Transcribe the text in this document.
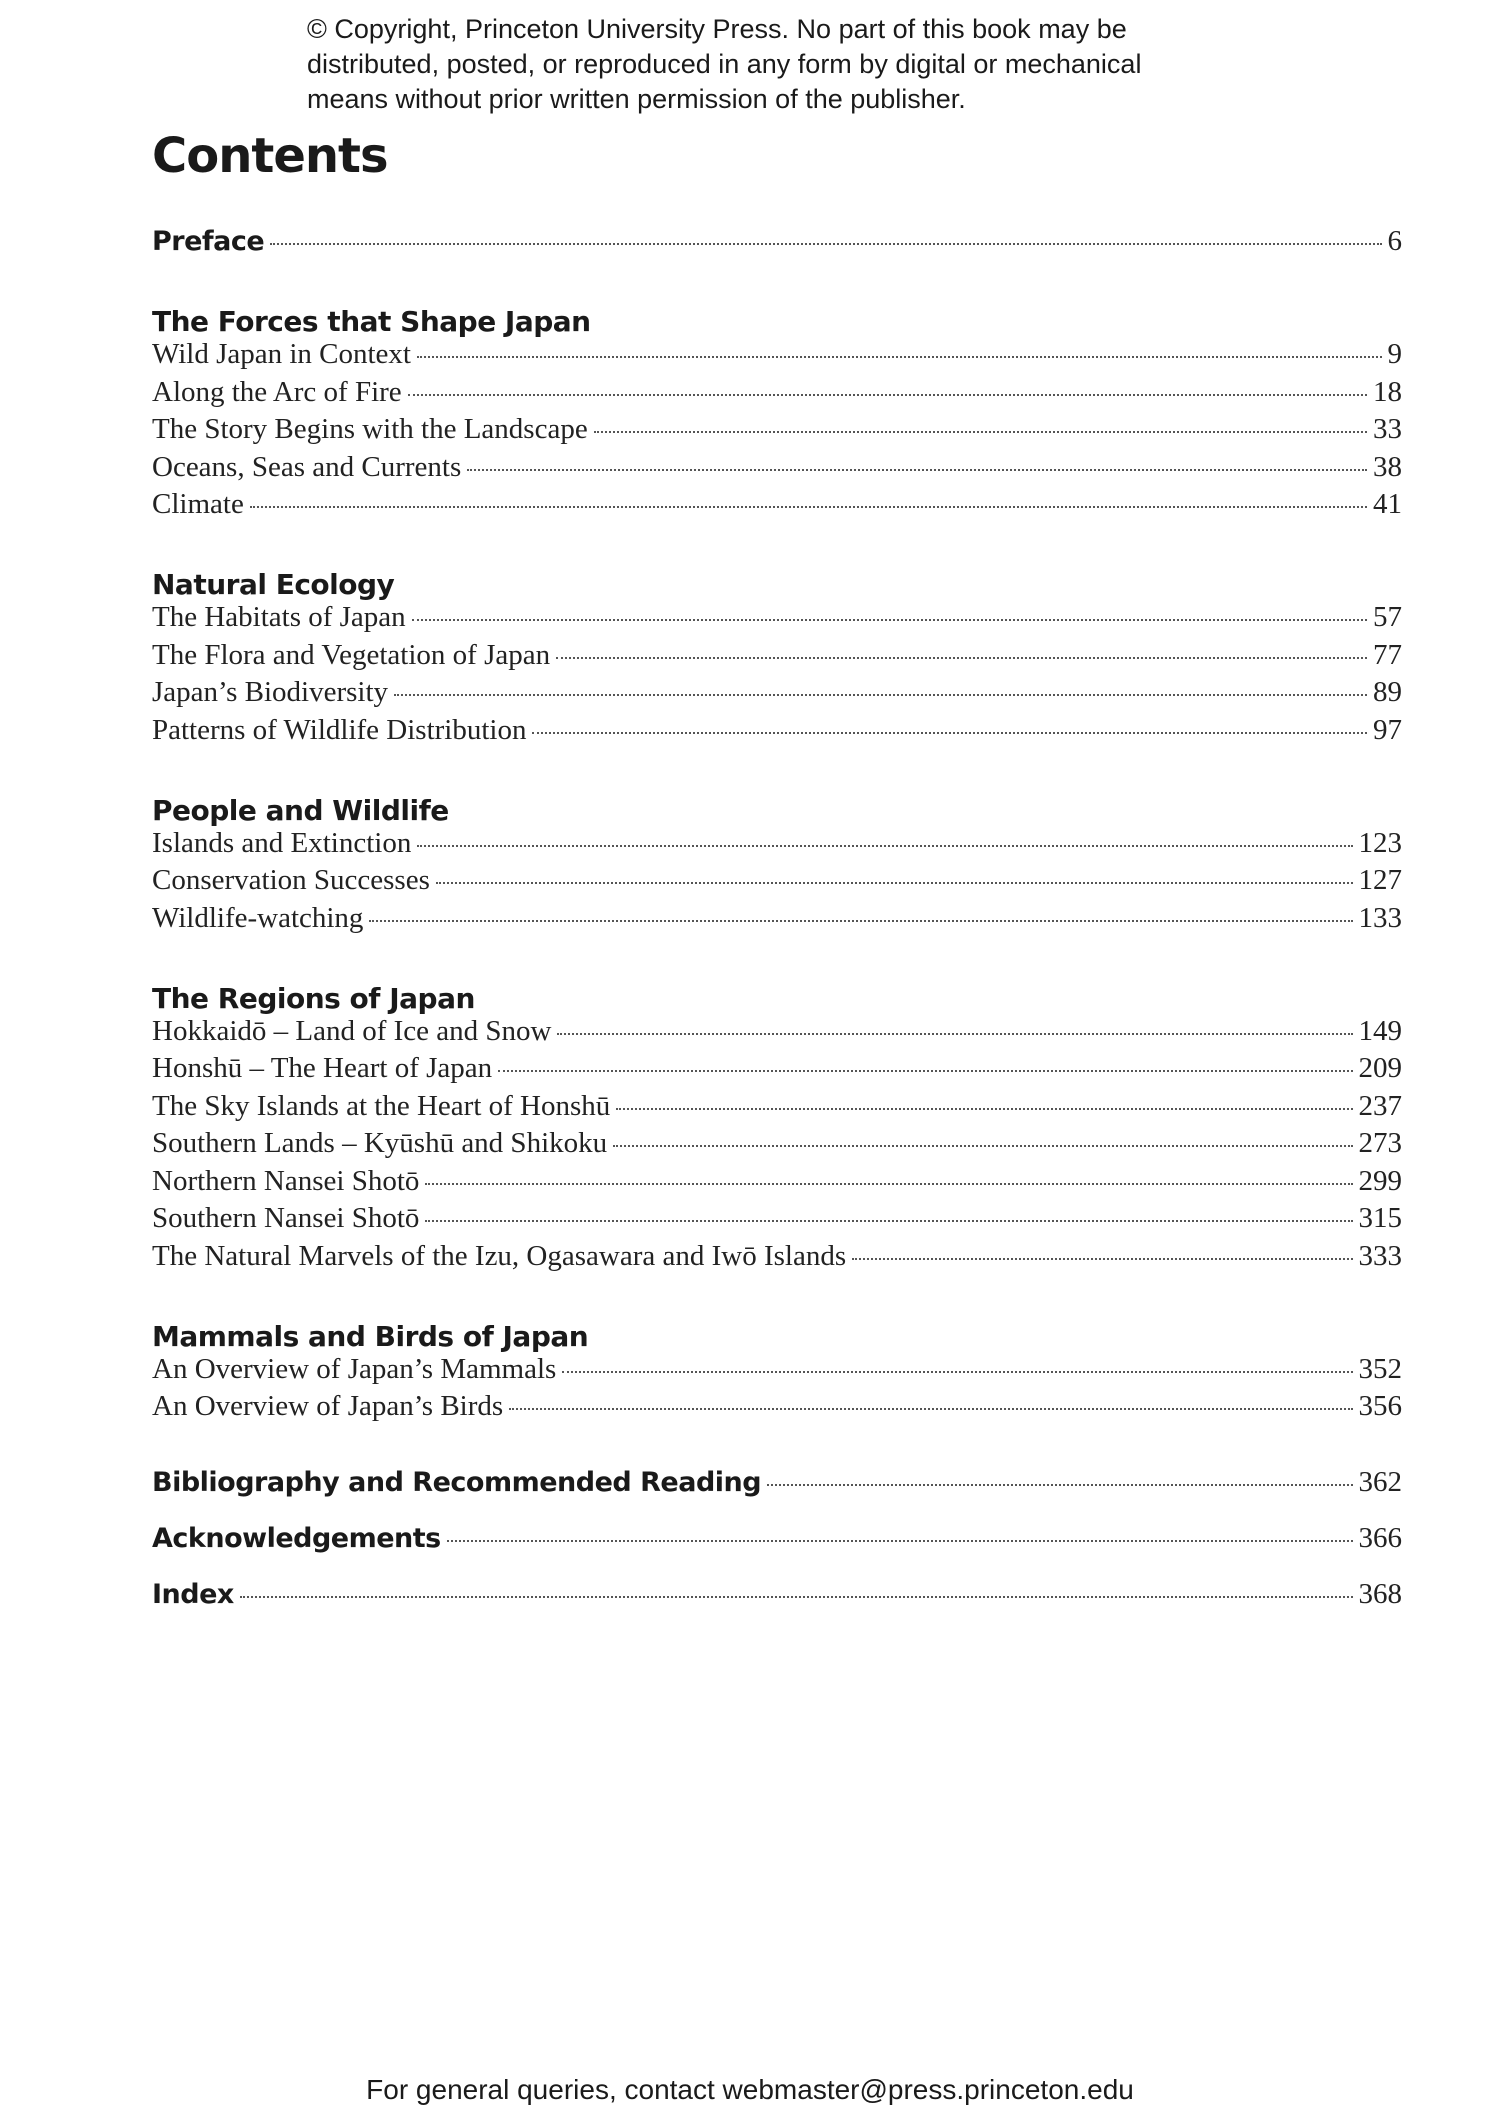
© Copyright, Princeton University Press. No part of this book may be
distributed, posted, or reproduced in any form by digital or mechanical
means without prior written permission of the publisher.
Contents
Preface	6
The Forces that Shape Japan
Wild Japan in Context	9
Along the Arc of Fire	18
The Story Begins with the Landscape	33
Oceans, Seas and Currents	38
Climate	41
Natural Ecology
The Habitats of Japan	57
The Flora and Vegetation of Japan	77
Japan’s Biodiversity	89
Patterns of Wildlife Distribution	97
People and Wildlife
Islands and Extinction	123
Conservation Successes	127
Wildlife-watching	133
The Regions of Japan
Hokkaidō – Land of Ice and Snow	149
Honshū – The Heart of Japan	209
The Sky Islands at the Heart of Honshū	237
Southern Lands – Kyūshū and Shikoku	273
Northern Nansei Shotō	299
Southern Nansei Shotō	315
The Natural Marvels of the Izu, Ogasawara and Iwō Islands	333
Mammals and Birds of Japan
An Overview of Japan’s Mammals	352
An Overview of Japan’s Birds	356
Bibliography and Recommended Reading	362
Acknowledgements	366
Index	368
For general queries, contact webmaster@press.princeton.edu
